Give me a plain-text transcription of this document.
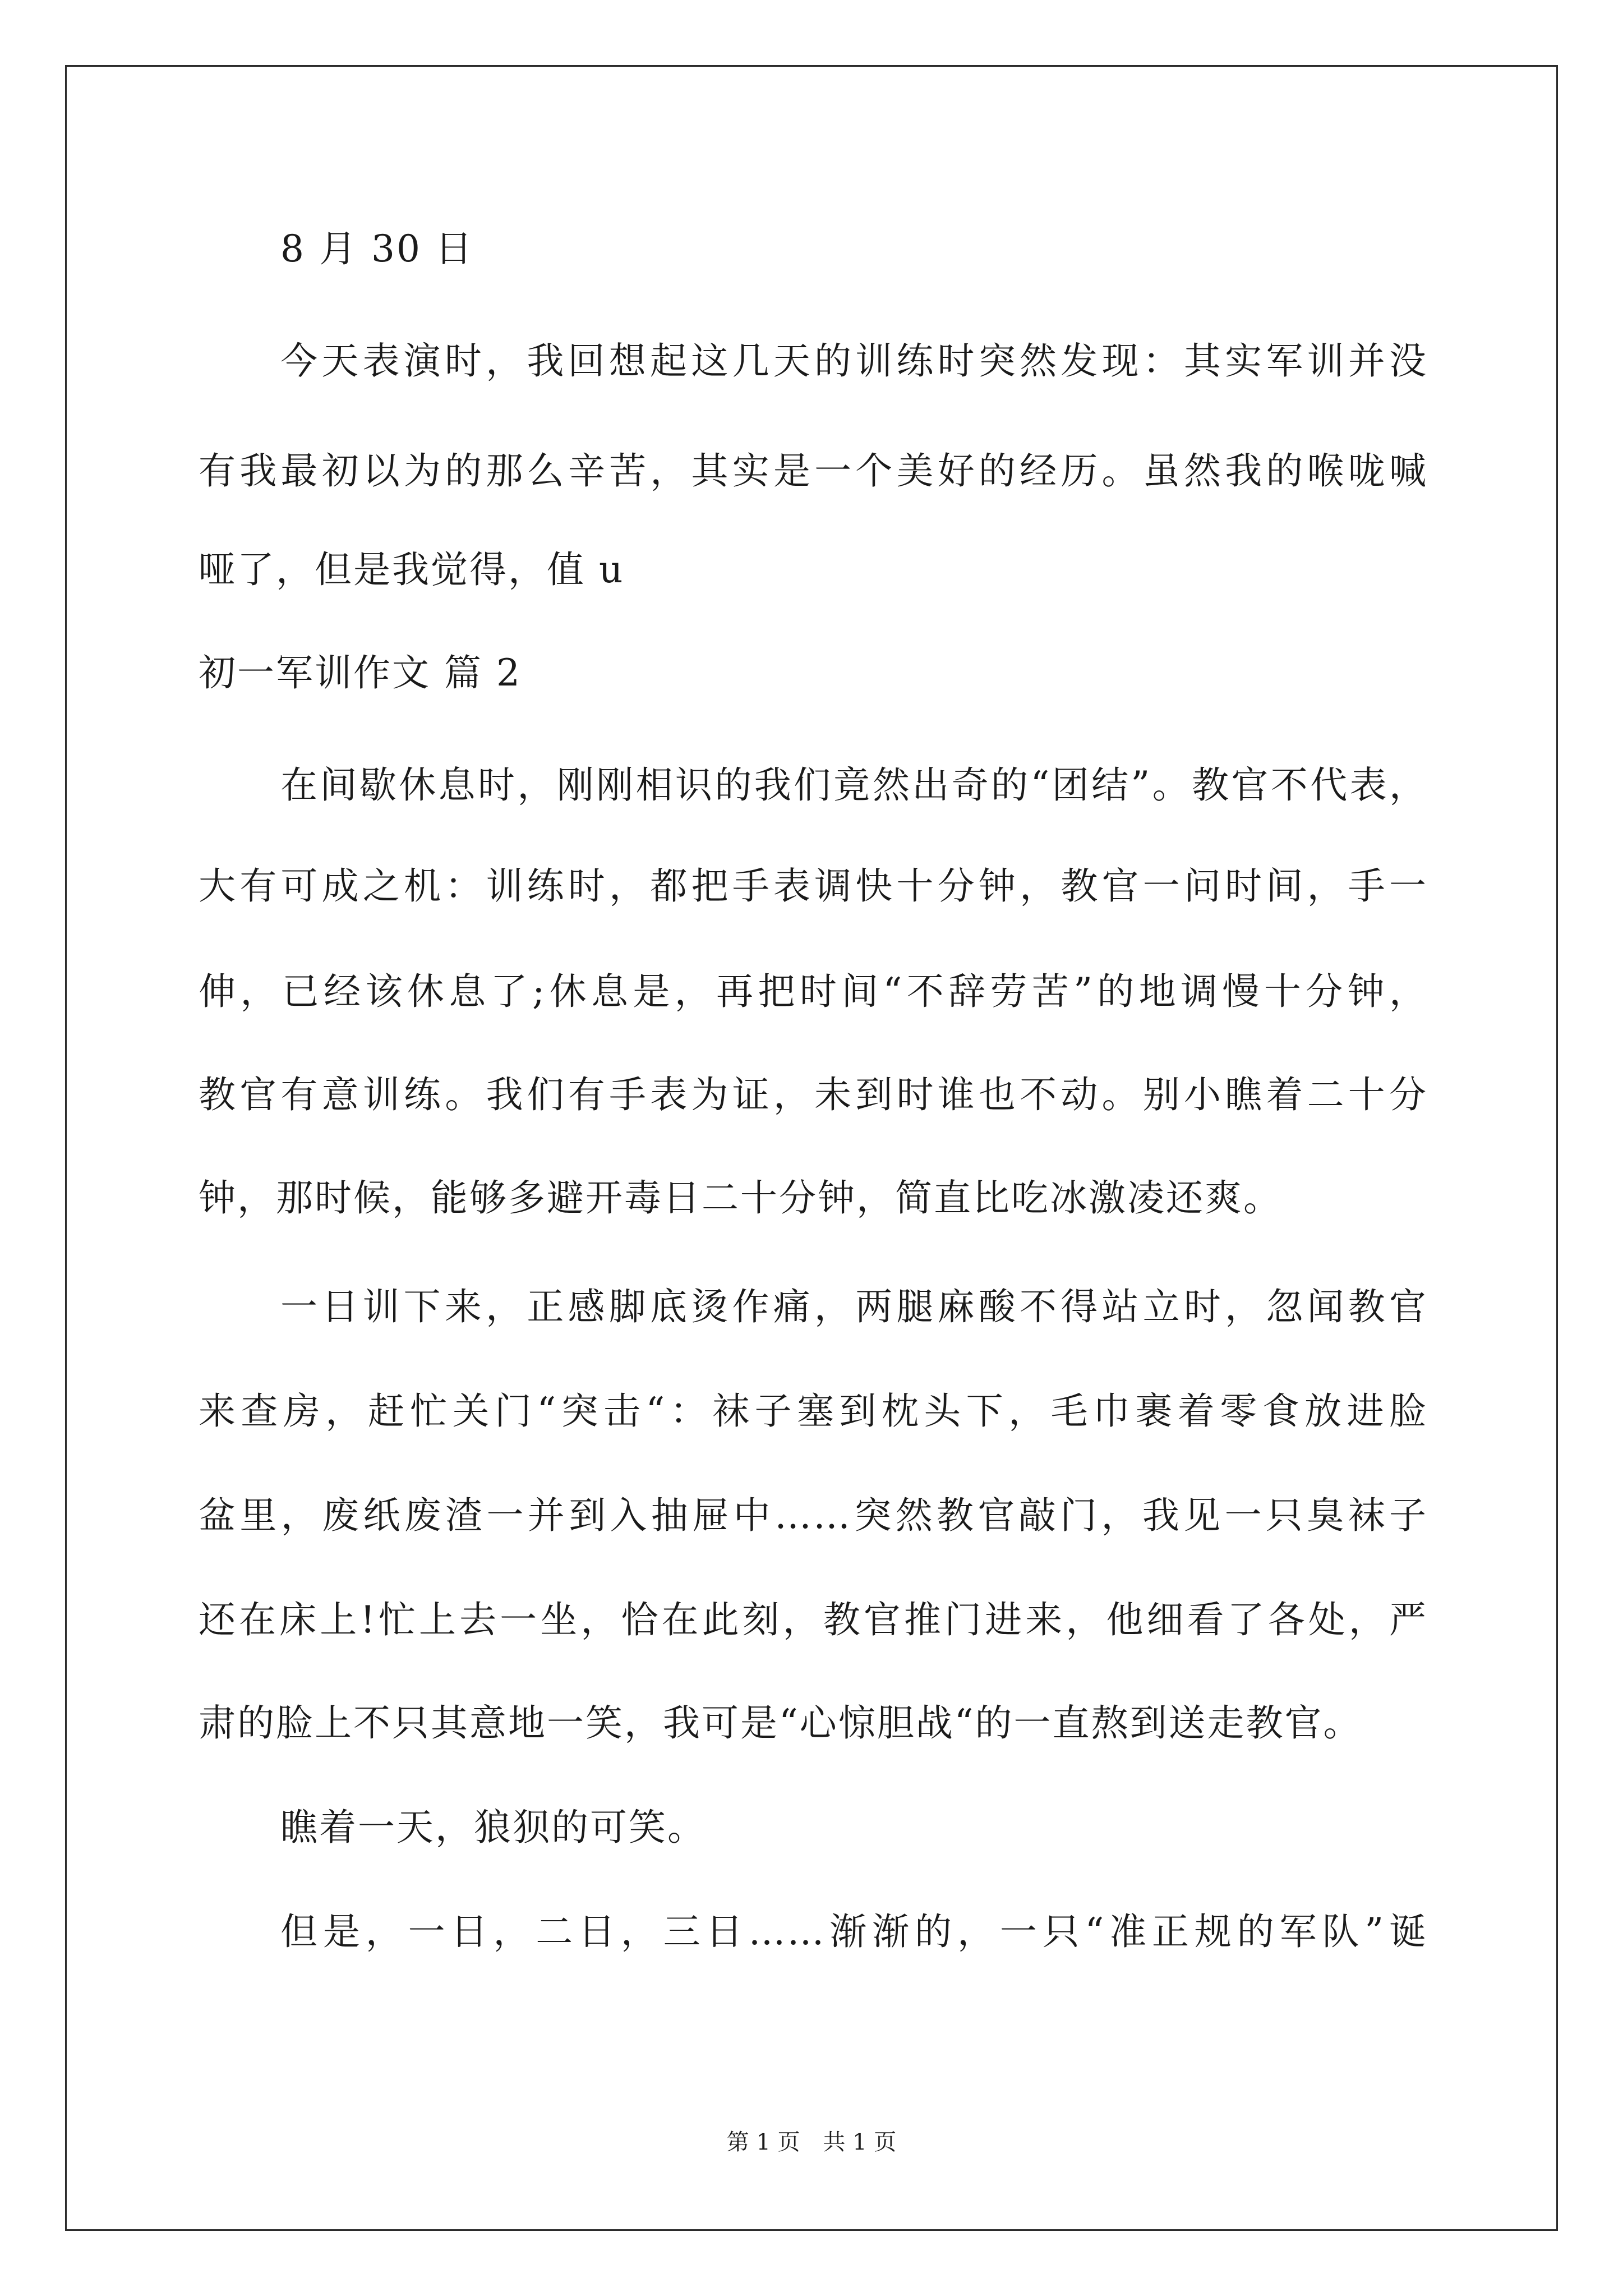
8 月 30 日
今天表演时，我回想起这几天的训练时突然发现：其实军训并没
有我最初以为的那么辛苦，其实是一个美好的经历。虽然我的喉咙喊
哑了，但是我觉得，值 u
初一军训作文 篇 2
在间歇休息时，刚刚相识的我们竟然出奇的“团结”。教官不代表，
大有可成之机：训练时，都把手表调快十分钟，教官一问时间，手一
伸，已经该休息了;休息是，再把时间“不辞劳苦”的地调慢十分钟，
教官有意训练。我们有手表为证，未到时谁也不动。别小瞧着二十分
钟，那时候，能够多避开毒日二十分钟，简直比吃冰激凌还爽。
一日训下来，正感脚底烫作痛，两腿麻酸不得站立时，忽闻教官
来查房，赶忙关门“突击“：袜子塞到枕头下，毛巾裹着零食放进脸
盆里，废纸废渣一并到入抽屉中……突然教官敲门，我见一只臭袜子
还在床上!忙上去一坐，恰在此刻，教官推门进来，他细看了各处，严
肃的脸上不只其意地一笑，我可是“心惊胆战“的一直熬到送走教官。
瞧着一天，狼狈的可笑。
但是，一日，二日，三日……渐渐的，一只“准正规的军队”诞
第 1 页 共 1 页
